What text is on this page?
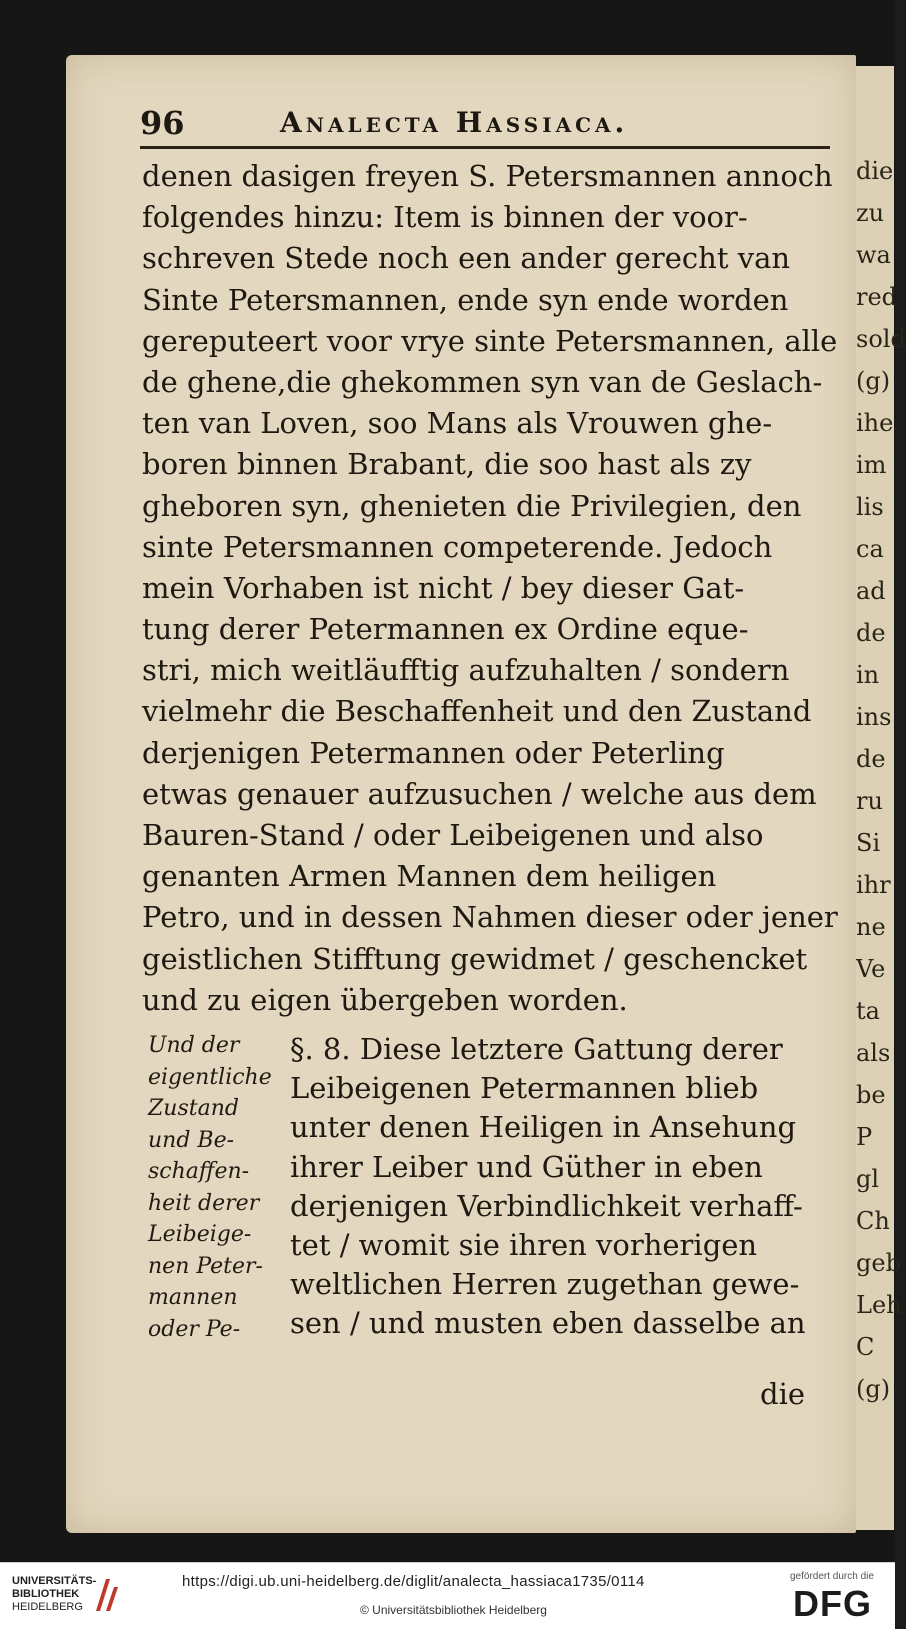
die
zu
wa
red
sold
(g)
ihe
im
lis
ca
ad
de
in
ins
de
ru
Si
ihr
ne
Ve
ta
als
be
P
gl
Ch
geb
Leh
C
(g)
96	Analecta Hassiaca.
denen dasigen freyen S. Petersmannen annoch
folgendes hinzu: Item is binnen der voor-
schreven Stede noch een ander gerecht van
Sinte Petersmannen, ende syn ende worden
gereputeert voor vrye sinte Petersmannen, alle
de ghene,die ghekommen syn van de Geslach-
ten van Loven, soo Mans als Vrouwen ghe-
boren binnen Brabant, die soo hast als zy
gheboren syn, ghenieten die Privilegien, den
sinte Petersmannen competerende. Jedoch
mein Vorhaben ist nicht / bey dieser Gat-
tung derer Petermannen ex Ordine eque-
stri, mich weitläufftig aufzuhalten / sondern
vielmehr die Beschaffenheit und den Zustand
derjenigen Petermannen oder Peterling
etwas genauer aufzusuchen / welche aus dem
Bauren-Stand / oder Leibeigenen und also
genanten Armen Mannen dem heiligen
Petro, und in dessen Nahmen dieser oder jener
geistlichen Stifftung gewidmet / geschencket
und zu eigen übergeben worden.
Und der
eigentliche
Zustand
und Be-
schaffen-
heit derer
Leibeige-
nen Peter-
mannen
oder Pe-
§. 8. Diese letztere Gattung derer
Leibeigenen Petermannen blieb
unter denen Heiligen in Ansehung
ihrer Leiber und Güther in eben
derjenigen Verbindlichkeit verhaff-
tet / womit sie ihren vorherigen
weltlichen Herren zugethan gewe-
sen / und musten eben dasselbe an
die
UNIVERSITÄTS-
BIBLIOTHEK
HEIDELBERG
https://digi.ub.uni-heidelberg.de/diglit/analecta_hassiaca1735/0114
© Universitätsbibliothek Heidelberg
gefördert durch die
DFG
